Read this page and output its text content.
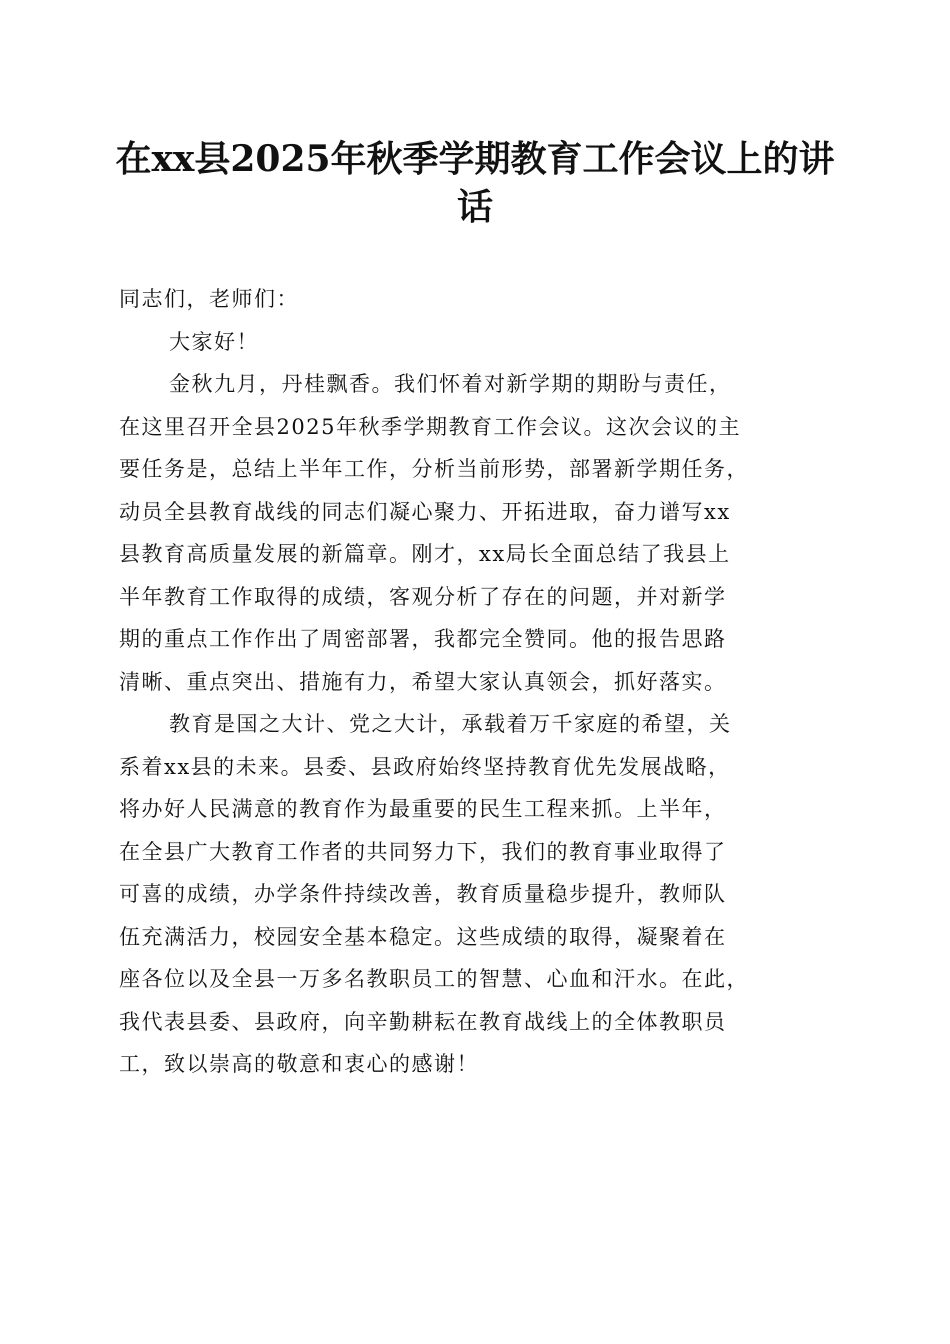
在xx县2025年秋季学期教育工作会议上的讲
话
同志们，老师们：
大家好！
金秋九月，丹桂飘香。我们怀着对新学期的期盼与责任，
在这里召开全县2025年秋季学期教育工作会议。这次会议的主
要任务是，总结上半年工作，分析当前形势，部署新学期任务，
动员全县教育战线的同志们凝心聚力、开拓进取，奋力谱写xx
县教育高质量发展的新篇章。刚才，xx局长全面总结了我县上
半年教育工作取得的成绩，客观分析了存在的问题，并对新学
期的重点工作作出了周密部署，我都完全赞同。他的报告思路
清晰、重点突出、措施有力，希望大家认真领会，抓好落实。
教育是国之大计、党之大计，承载着万千家庭的希望，关
系着xx县的未来。县委、县政府始终坚持教育优先发展战略，
将办好人民满意的教育作为最重要的民生工程来抓。上半年，
在全县广大教育工作者的共同努力下，我们的教育事业取得了
可喜的成绩，办学条件持续改善，教育质量稳步提升，教师队
伍充满活力，校园安全基本稳定。这些成绩的取得，凝聚着在
座各位以及全县一万多名教职员工的智慧、心血和汗水。在此，
我代表县委、县政府，向辛勤耕耘在教育战线上的全体教职员
工，致以崇高的敬意和衷心的感谢！
